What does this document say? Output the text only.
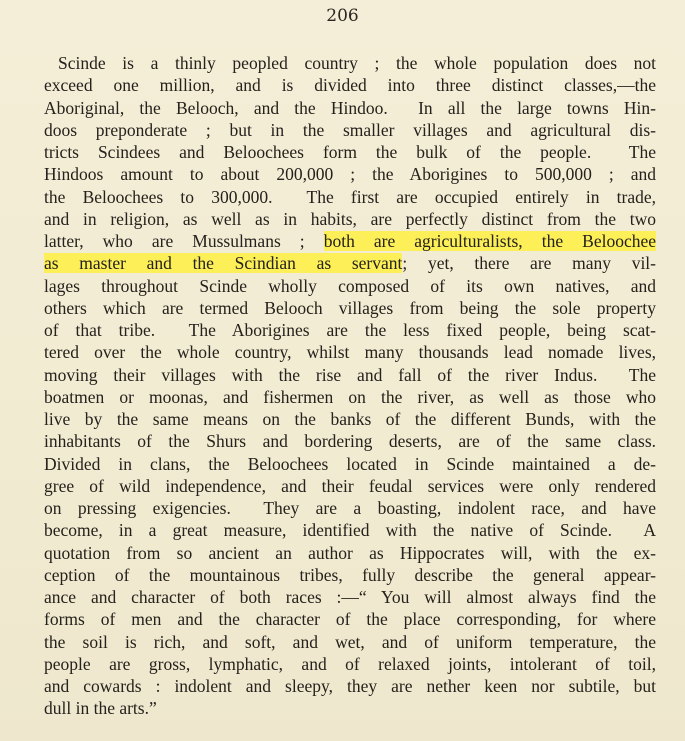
206
Scinde is a thinly peopled country ; the whole population does not
exceed one million, and is divided into three distinct classes,—the
Aboriginal, the Belooch, and the Hindoo.  In all the large towns Hin-
doos preponderate ; but in the smaller villages and agricultural dis-
tricts Scindees and Beloochees form the bulk of the people.  The
Hindoos amount to about 200,000 ; the Aborigines to 500,000 ; and
the Beloochees to 300,000.  The first are occupied entirely in trade,
and in religion, as well as in habits, are perfectly distinct from the two
latter, who are Mussulmans ; both are agriculturalists, the Beloochee
as master and the Scindian as servant; yet, there are many vil-
lages throughout Scinde wholly composed of its own natives, and
others which are termed Belooch villages from being the sole property
of that tribe.  The Aborigines are the less fixed people, being scat-
tered over the whole country, whilst many thousands lead nomade lives,
moving their villages with the rise and fall of the river Indus.  The
boatmen or moonas, and fishermen on the river, as well as those who
live by the same means on the banks of the different Bunds, with the
inhabitants of the Shurs and bordering deserts, are of the same class.
Divided in clans, the Beloochees located in Scinde maintained a de-
gree of wild independence, and their feudal services were only rendered
on pressing exigencies.  They are a boasting, indolent race, and have
become, in a great measure, identified with the native of Scinde.  A
quotation from so ancient an author as Hippocrates will, with the ex-
ception of the mountainous tribes, fully describe the general appear-
ance and character of both races :—“ You will almost always find the
forms of men and the character of the place corresponding, for where
the soil is rich, and soft, and wet, and of uniform temperature, the
people are gross, lymphatic, and of relaxed joints, intolerant of toil,
and cowards : indolent and sleepy, they are nether keen nor subtile, but
dull in the arts.”
